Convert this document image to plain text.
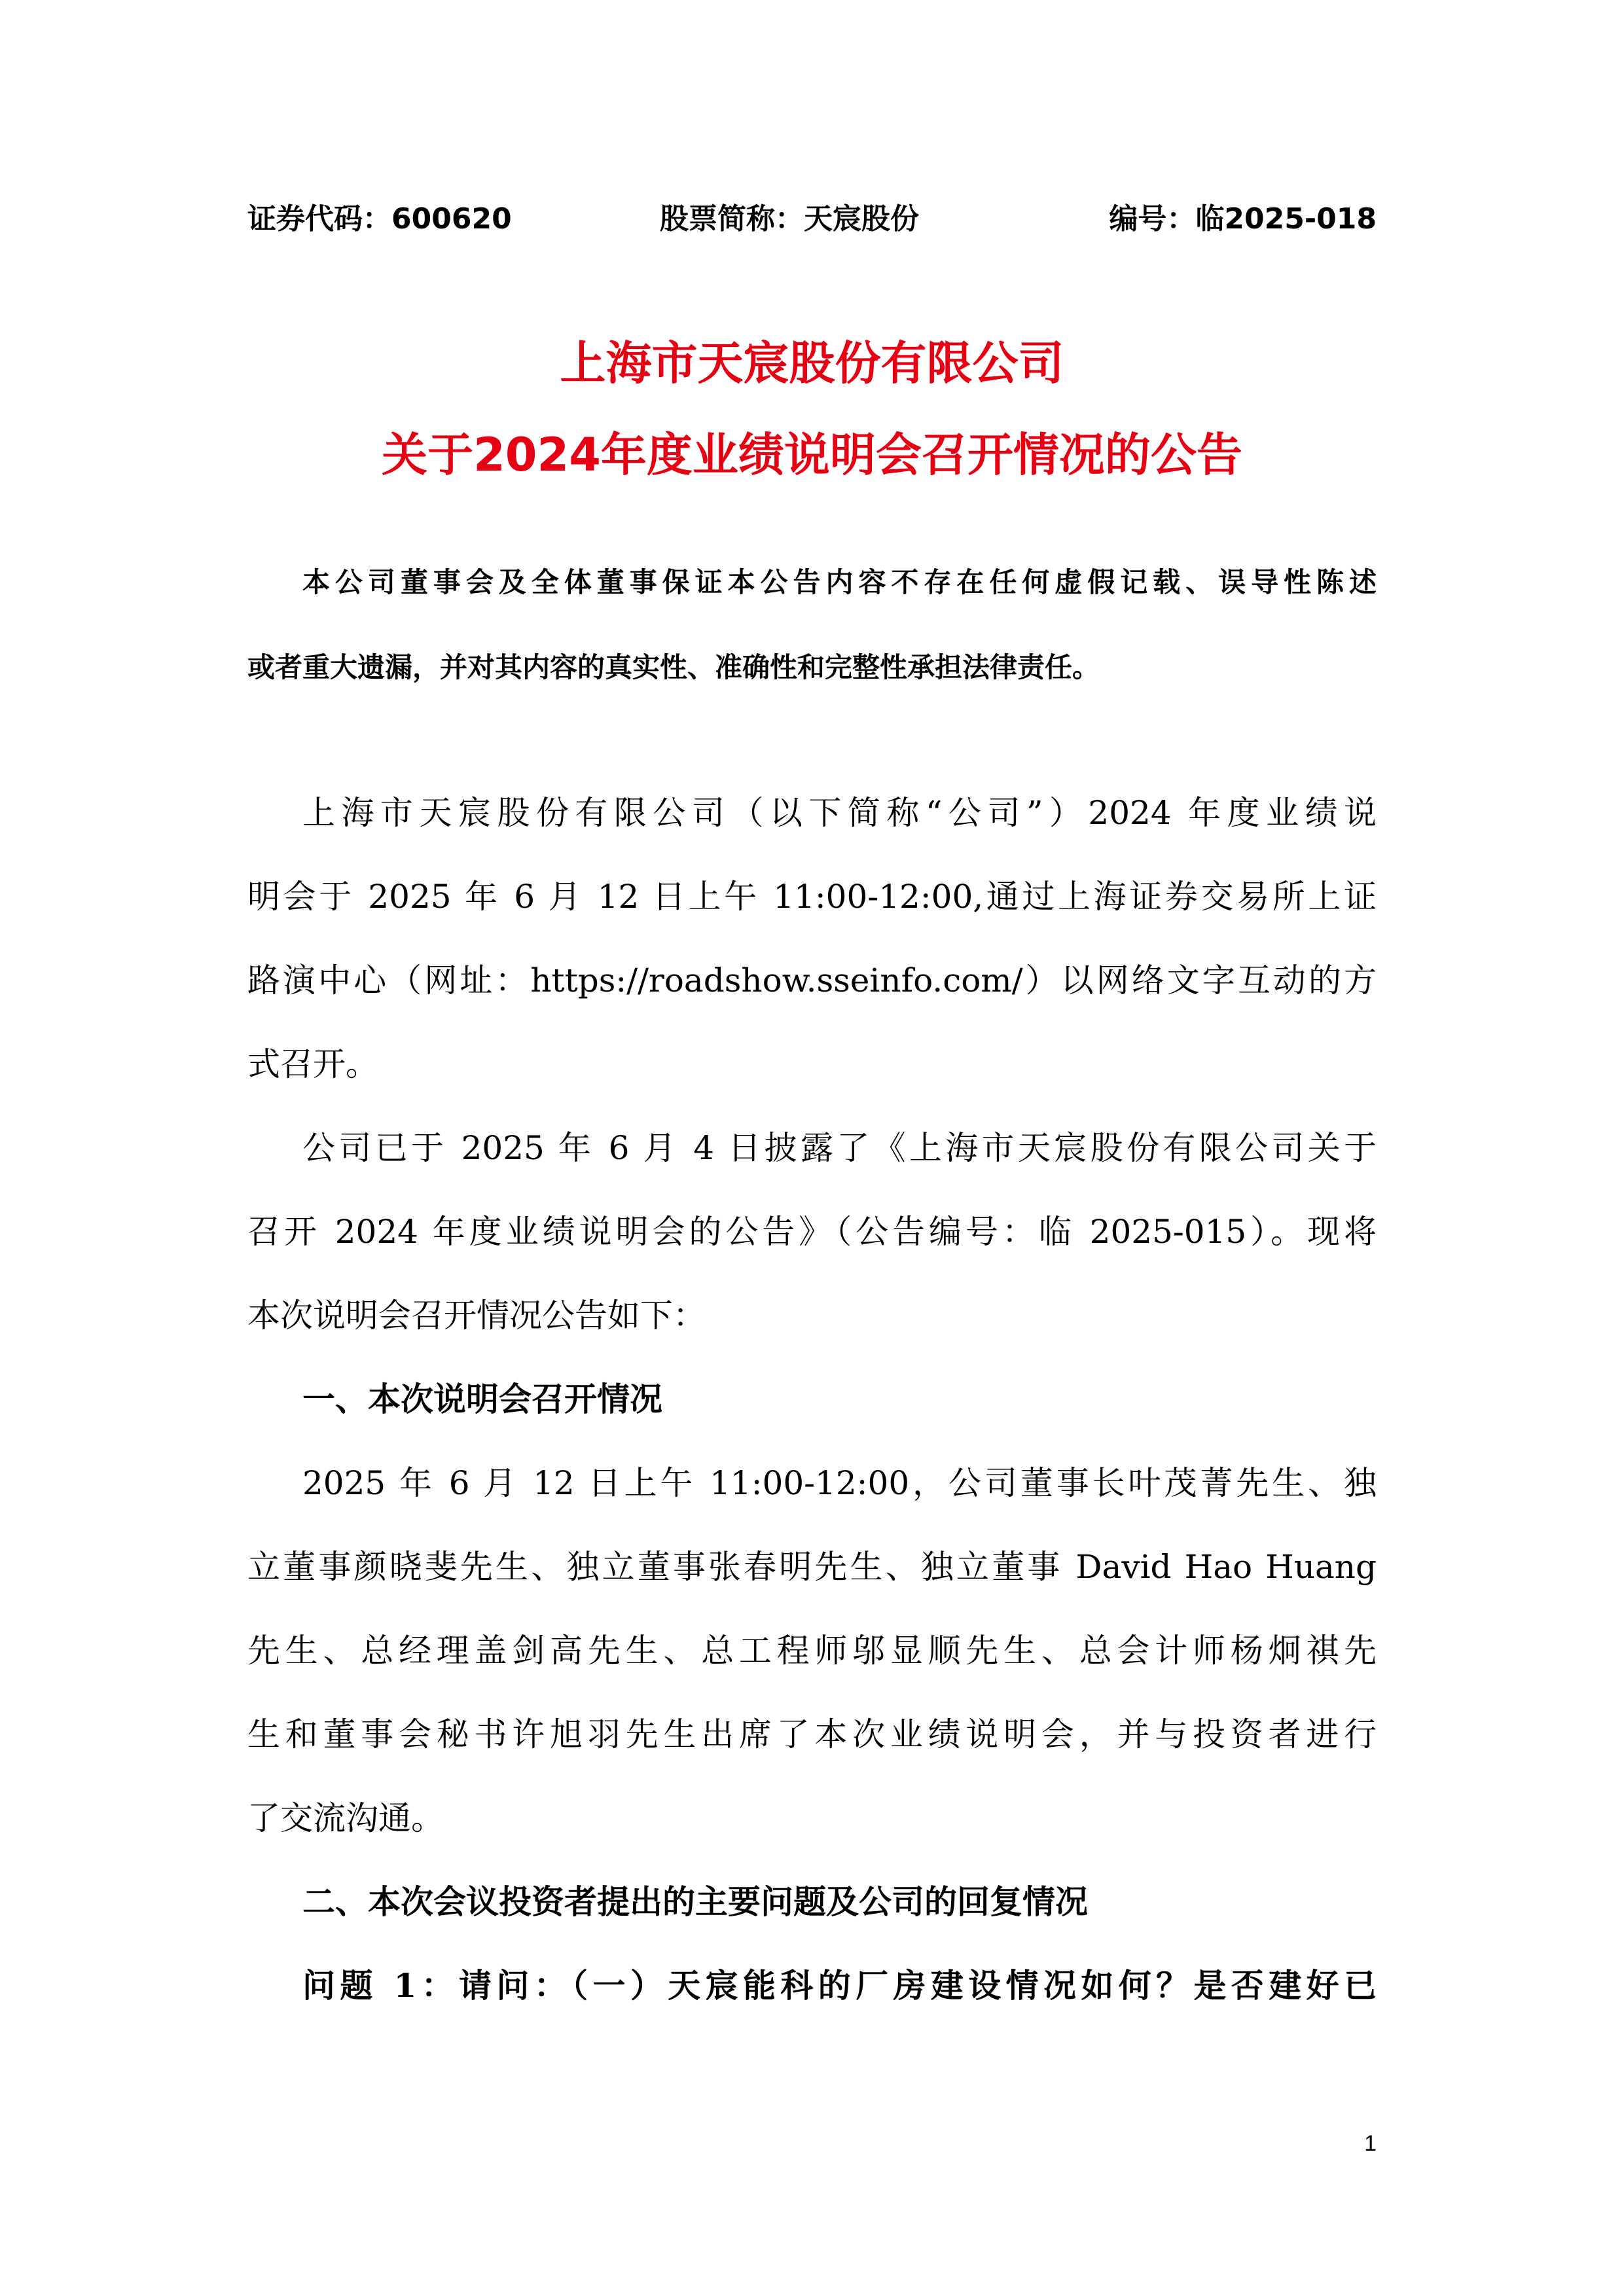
证券代码：600620	股票简称：天宸股份	编号：临2025-018
上海市天宸股份有限公司
关于2024年度业绩说明会召开情况的公告
本公司董事会及全体董事保证本公告内容不存在任何虚假记载、误导性陈述
或者重大遗漏，并对其内容的真实性、准确性和完整性承担法律责任。
上海市天宸股份有限公司（以下简称“公司”）2024 年度业绩说
明会于 2025 年 6 月 12 日上午 11:00-12:00,通过上海证券交易所上证
路演中心（网址：https://roadshow.sseinfo.com/）以网络文字互动的方
式召开。
公司已于 2025 年 6 月 4 日披露了《上海市天宸股份有限公司关于
召开 2024 年度业绩说明会的公告》（公告编号：临 2025-015）。现将
本次说明会召开情况公告如下：
一、本次说明会召开情况
2025 年 6 月 12 日上午 11:00-12:00，公司董事长叶茂菁先生、独
立董事颜晓斐先生、独立董事张春明先生、独立董事 David Hao Huang
先生、总经理盖剑高先生、总工程师邬显顺先生、总会计师杨炯祺先
生和董事会秘书许旭羽先生出席了本次业绩说明会，并与投资者进行
了交流沟通。
二、本次会议投资者提出的主要问题及公司的回复情况
问题 1：请问：（一）天宸能科的厂房建设情况如何？是否建好已
1
